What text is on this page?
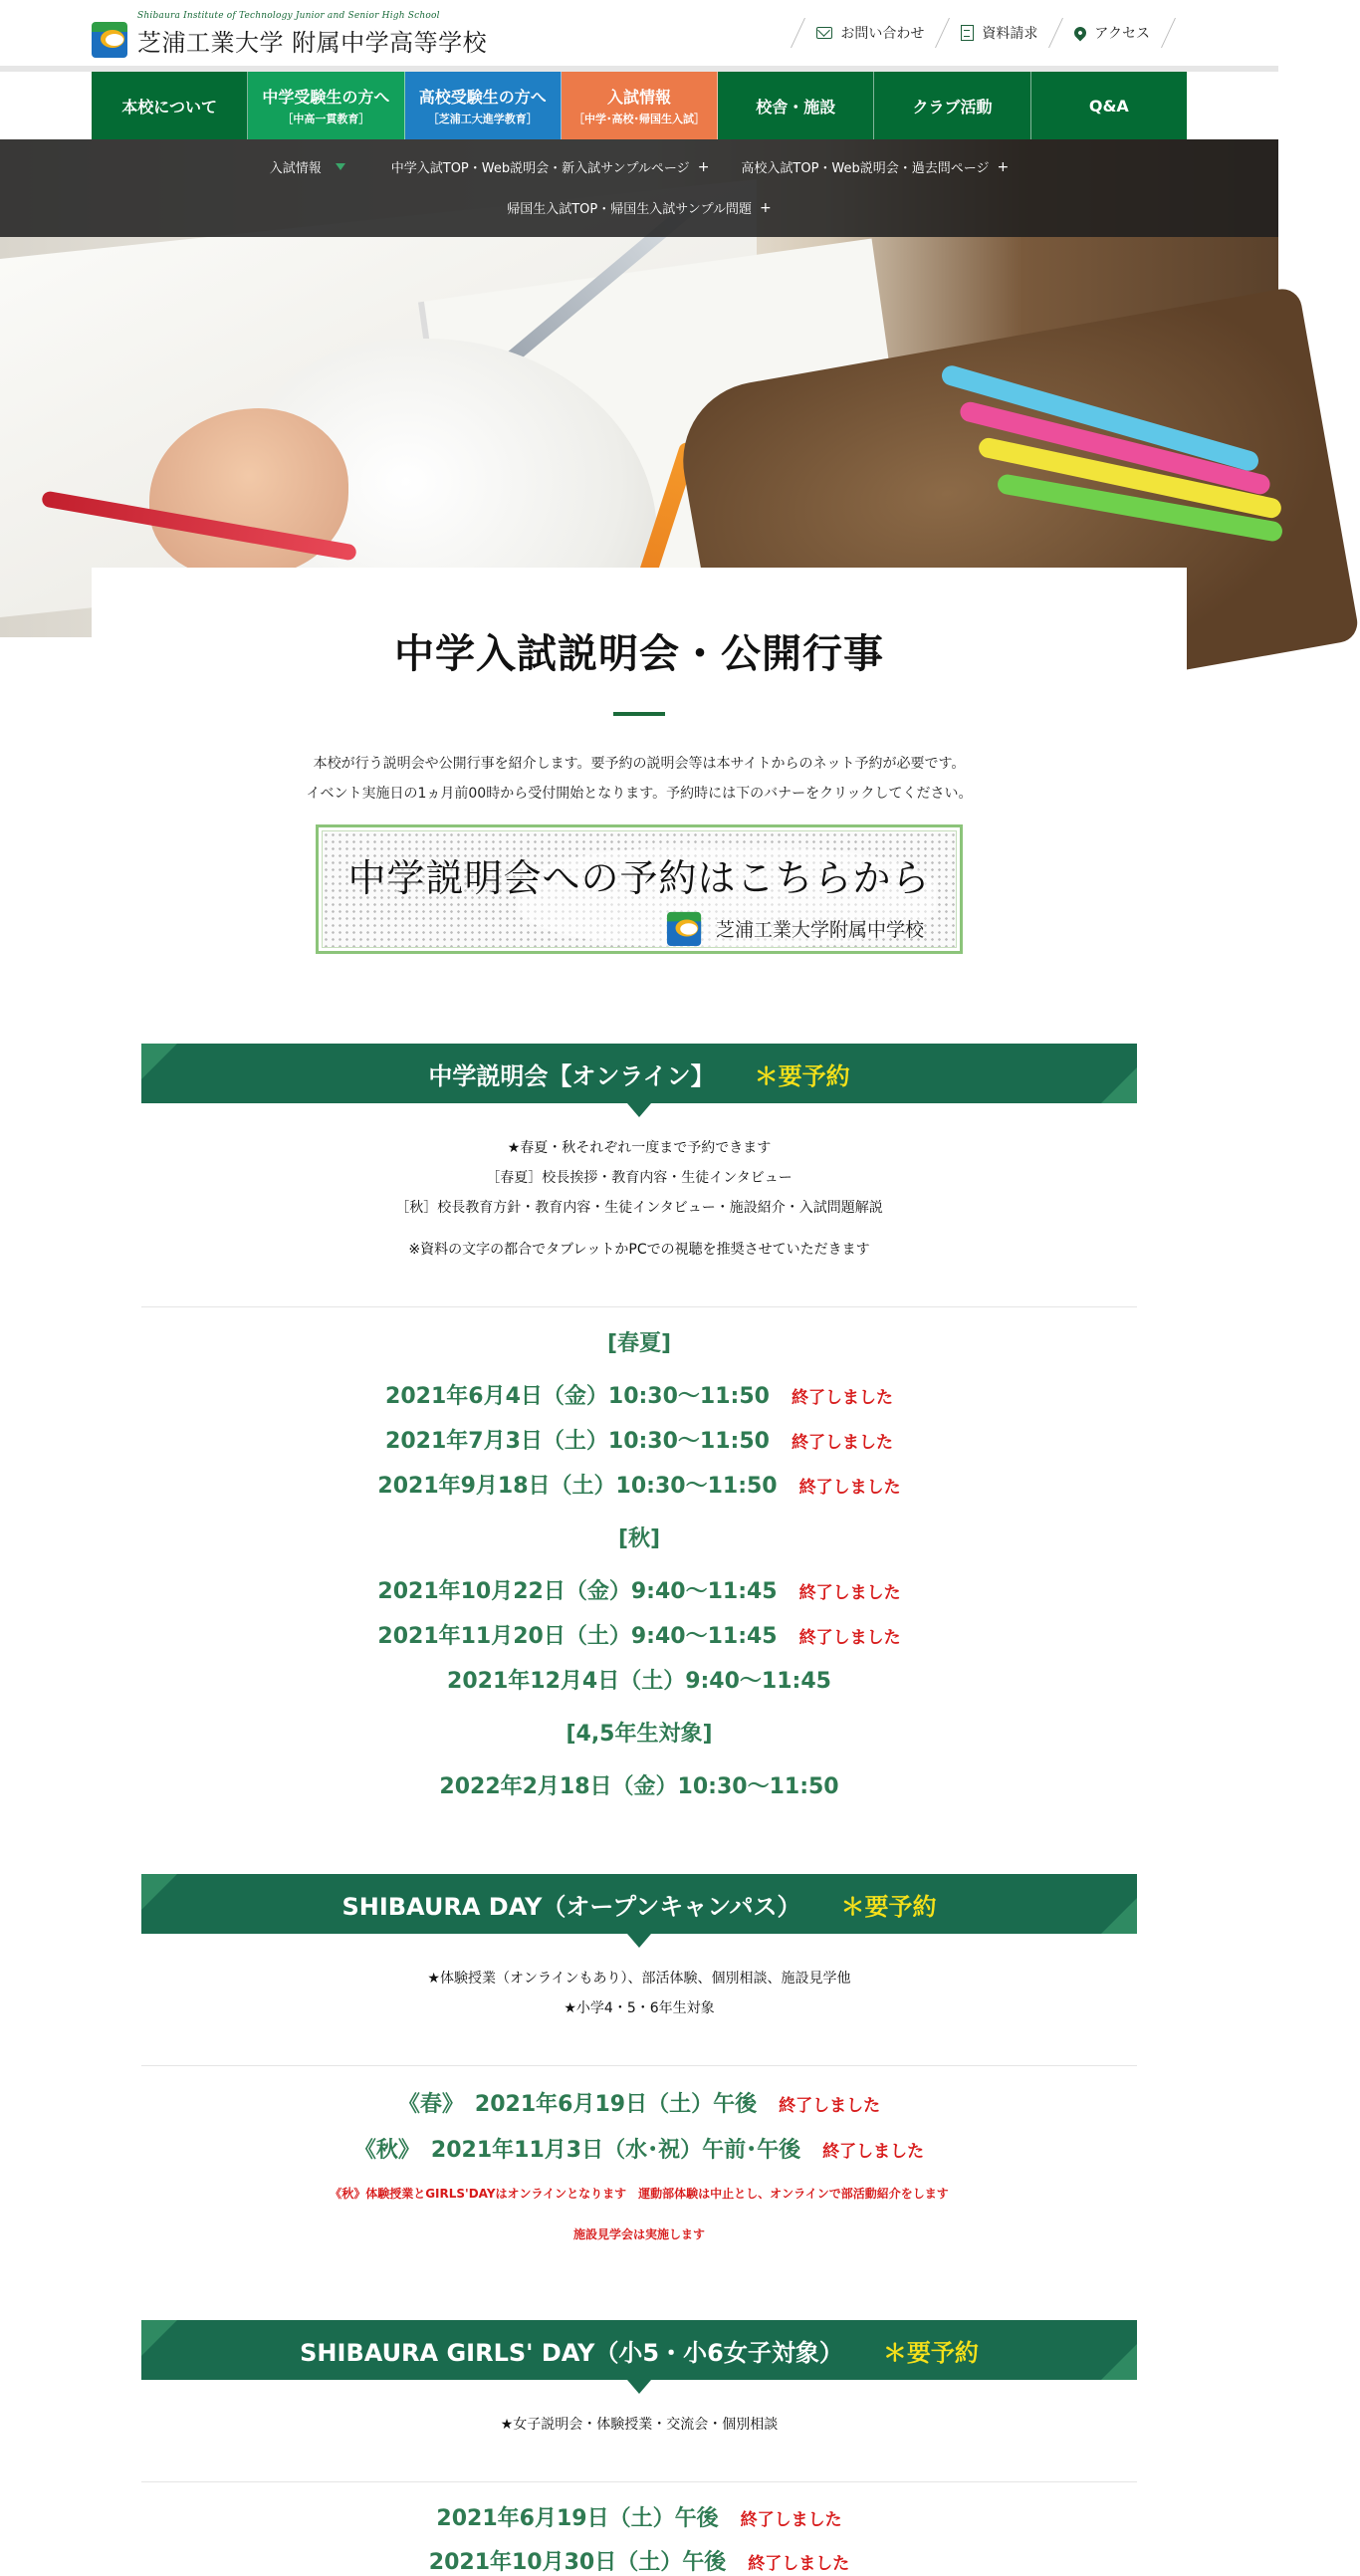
Shibaura Institute of Technology Junior and Senior High School
芝浦工業大学 附属中学高等学校	お問い合わせ	資料請求	アクセス
本校について	中学受験生の方へ
［中高一貫教育］
高校受験生の方へ
［芝浦工大進学教育］
入試情報
［中学･高校･帰国生入試］
校舎・施設	クラブ活動	Q&A
入試情報	中学入試TOP・Web説明会・新入試サンプルページ + 高校入試TOP・Web説明会・過去問ページ +
帰国生入試TOP・帰国生入試サンプル問題 +
中学入試説明会・公開行事
本校が行う説明会や公開行事を紹介します。要予約の説明会等は本サイトからのネット予約が必要です。
イベント実施日の1ヵ月前00時から受付開始となります。予約時には下のバナーをクリックしてください。
中学説明会への予約はこちらから
芝浦工業大学附属中学校
中学説明会【オンライン】 ＊要予約
★春夏・秋それぞれ一度まで予約できます
［春夏］校長挨拶・教育内容・生徒インタビュー
［秋］校長教育方針・教育内容・生徒インタビュー・施設紹介・入試問題解説
※資料の文字の都合でタブレットかPCでの視聴を推奨させていただきます
[春夏]
2021年6月4日（金）10:30～11:50 終了しました
2021年7月3日（土）10:30～11:50 終了しました
2021年9月18日（土）10:30～11:50 終了しました
[秋]
2021年10月22日（金）9:40～11:45 終了しました
2021年11月20日（土）9:40～11:45 終了しました
2021年12月4日（土）9:40～11:45
[4,5年生対象]
2022年2月18日（金）10:30～11:50
SHIBAURA DAY（オープンキャンパス） ＊要予約
★体験授業（オンラインもあり）、部活体験、個別相談、施設見学他
★小学4・5・6年生対象
《春》　2021年6月19日（土）午後 終了しました
《秋》　2021年11月3日（水･祝）午前･午後 終了しました
《秋》体験授業とGIRLS'DAYはオンラインとなります　運動部体験は中止とし、オンラインで部活動紹介をします
施設見学会は実施します
SHIBAURA GIRLS' DAY（小5・小6女子対象） ＊要予約
★女子説明会・体験授業・交流会・個別相談
2021年6月19日（土）午後 終了しました
2021年10月30日（土）午後 終了しました
